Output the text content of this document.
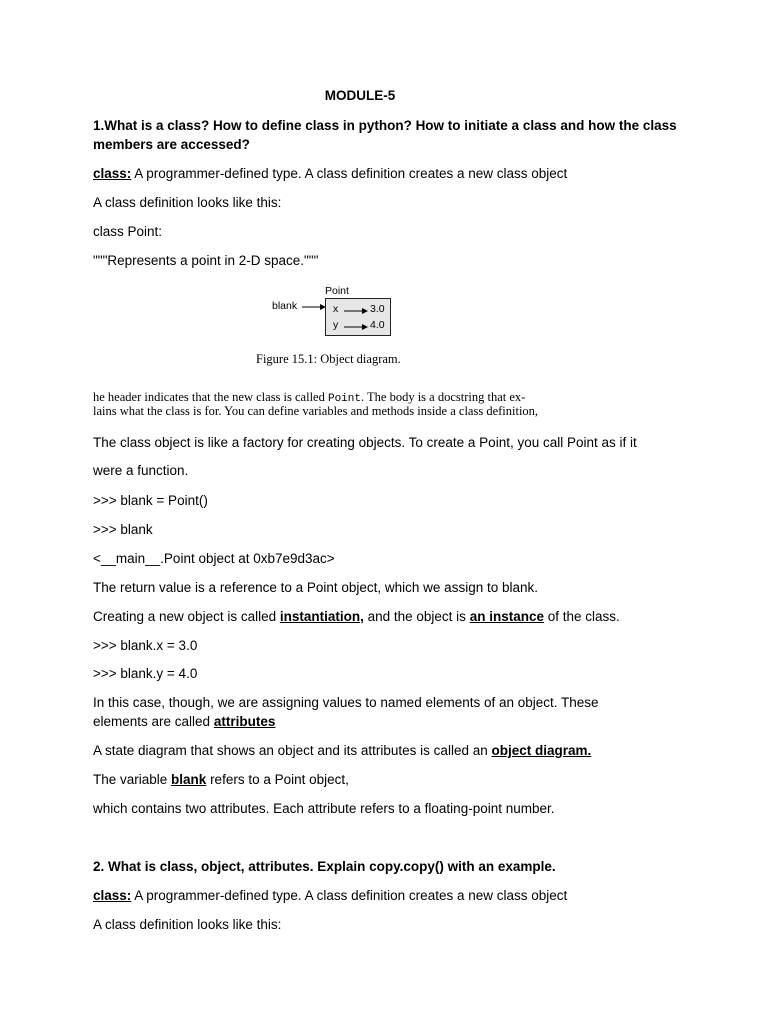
MODULE-5
1.What is a class? How to define class in python? How to initiate a class and how the class
members are accessed?
class: A programmer-defined type. A class definition creates a new class object
A class definition looks like this:
class Point:
"""Represents a point in 2-D space."""
Point
blank	x	3.0
y	4.0
Figure 15.1: Object diagram.
he header indicates that the new class is called Point. The body is a docstring that ex-
lains what the class is for. You can define variables and methods inside a class definition,
The class object is like a factory for creating objects. To create a Point, you call Point as if it
were a function.
>>> blank = Point()
>>> blank
<__main__.Point object at 0xb7e9d3ac>
The return value is a reference to a Point object, which we assign to blank.
Creating a new object is called instantiation, and the object is an instance of the class.
>>> blank.x = 3.0
>>> blank.y = 4.0
In this case, though, we are assigning values to named elements of an object. These
elements are called attributes
A state diagram that shows an object and its attributes is called an object diagram.
The variable blank refers to a Point object,
which contains two attributes. Each attribute refers to a floating-point number.
2. What is class, object, attributes. Explain copy.copy() with an example.
class: A programmer-defined type. A class definition creates a new class object
A class definition looks like this:
